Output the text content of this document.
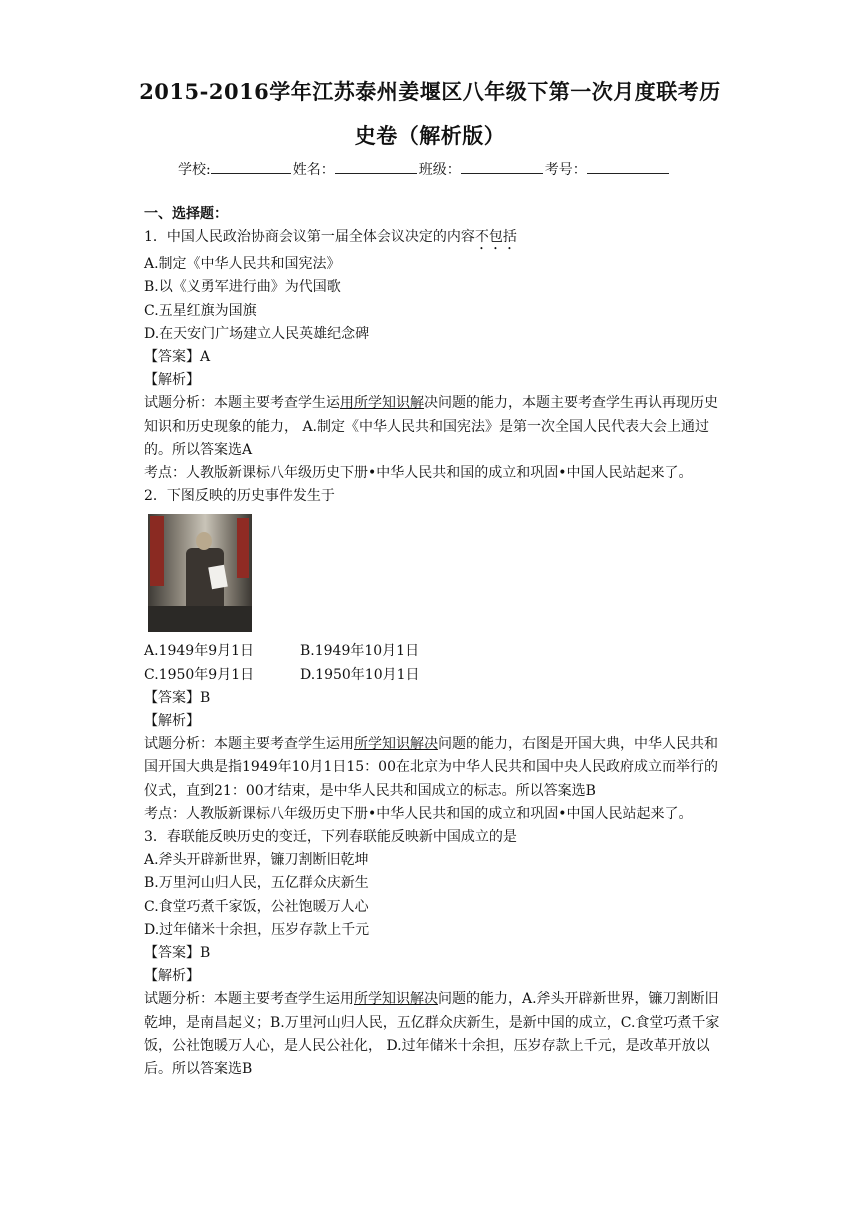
2015-2016学年江苏泰州姜堰区八年级下第一次月度联考历
史卷（解析版）
学校:	姓名：	班级：	考号：

一、选择题：

1．中国人民政治协商会议第一届全体会议决定的内容不包括

A.制定《中华人民共和国宪法》

B.以《义勇军进行曲》为代国歌

C.五星红旗为国旗

D.在天安门广场建立人民英雄纪念碑

【答案】A

【解析】

试题分析：本题主要考查学生运用所学知识解决问题的能力，本题主要考查学生再认再现历史知识和历史现象的能力， A.制定《中华人民共和国宪法》是第一次全国人民代表大会上通过的。所以答案选A

考点：人教版新课标八年级历史下册•中华人民共和国的成立和巩固•中国人民站起来了。

2．下图反映的历史事件发生于

A.1949年9月1日	B.1949年10月1日

C.1950年9月1日	D.1950年10月1日

【答案】B

【解析】

试题分析：本题主要考查学生运用所学知识解决问题的能力，右图是开国大典，中华人民共和国开国大典是指1949年10月1日15：00在北京为中华人民共和国中央人民政府成立而举行的仪式，直到21：00才结束，是中华人民共和国成立的标志。所以答案选B

考点：人教版新课标八年级历史下册•中华人民共和国的成立和巩固•中国人民站起来了。

3．春联能反映历史的变迁，下列春联能反映新中国成立的是

A.斧头开辟新世界，镰刀割断旧乾坤

B.万里河山归人民，五亿群众庆新生

C.食堂巧煮千家饭，公社饱暖万人心

D.过年储米十余担，压岁存款上千元

【答案】B

【解析】

试题分析：本题主要考查学生运用所学知识解决问题的能力，A.斧头开辟新世界，镰刀割断旧乾坤，是南昌起义；B.万里河山归人民，五亿群众庆新生，是新中国的成立，C.食堂巧煮千家饭，公社饱暖万人心，是人民公社化， D.过年储米十余担，压岁存款上千元，是改革开放以后。所以答案选B
